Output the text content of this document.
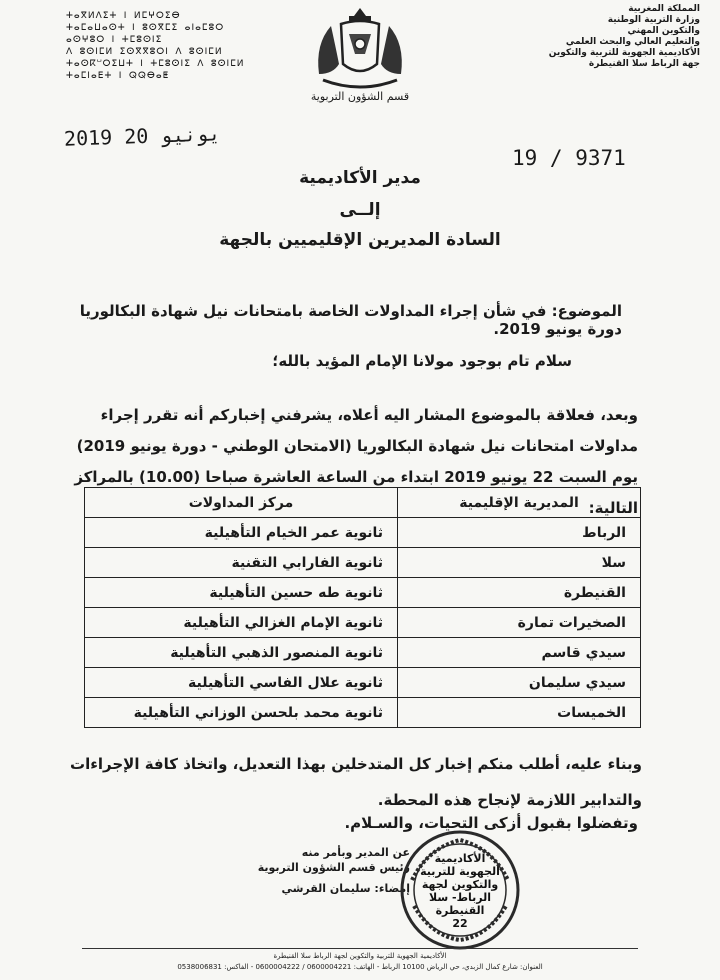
ⵜⴰⴳⵍⴷⵉⵜ ⵏ ⵍⵎⵖⵔⵉⴱ
ⵜⴰⵎⴰⵡⴰⵙⵜ ⵏ ⵓⵙⴳⵎⵉ ⴰⵏⴰⵎⵓⵔ
ⴰⵙⵖⵓⵔ ⵏ ⵜⵎⵓⵙⵏⵉ
ⴷ ⵓⵙⵏⵎⵍ ⵉⵙⴳⴳⵓⵔⵏ ⴷ ⵓⵙⵏⵎⵍ
ⵜⴰⵙⴽⵯⵔⵉⵡⵜ ⵏ ⵜⵎⵓⵙⵏⵉ ⴷ ⵓⵙⵏⵎⵍ
ⵜⴰⵎⵏⴰⴹⵜ ⵏ ⵕⵕⴱⴰⵟ
قسم الشؤون التربوية
المملكة المغربية
وزارة التربية الوطنية
والتكوين المهني
والتعليم العالي والبحث العلمي
الأكاديمية الجهوية للتربية والتكوين
جهة الرباط سلا القنيطرة
2019 يونيو 20
19 / 9371
مدير الأكاديمية
إلــى
السادة المديرين الإقليميين بالجهة
الموضوع: في شأن إجراء المداولات الخاصة بامتحانات نيل شهادة البكالوريا دورة يونيو 2019.
سلام تام بوجود مولانا الإمام المؤيد بالله؛
وبعد، فعلاقة بالموضوع المشار اليه أعلاه، يشرفني إخباركم أنه تقرر إجراء مداولات امتحانات نيل شهادة البكالوريا (الامتحان الوطني - دورة يونيو 2019) يوم السبت 22 يونيو 2019 ابتداء من الساعة العاشرة صباحا (10.00) بالمراكز التالية:
المديرية الإقليمية	مركز المداولات
الرباط	ثانوية عمر الخيام التأهيلية
سلا	ثانوية الفارابي التقنية
القنيطرة	ثانوية طه حسين التأهيلية
الصخيرات تمارة	ثانوية الإمام الغزالي التأهيلية
سيدي قاسم	ثانوية المنصور الذهبي التأهيلية
سيدي سليمان	ثانوية علال الفاسي التأهيلية
الخميسات	ثانوية محمد بلحسن الوزاني التأهيلية
وبناء عليه، أطلب منكم إخبار كل المتدخلين بهذا التعديل، واتخاذ كافة الإجراءات والتدابير اللازمة لإنجاح هذه المحطة.
وتفضلوا بقبول أزكى التحيات، والسـلام.
عن المدير وبأمر منه
رئيس قسم الشؤون التربوية
إمضاء: سليمان القرشي
الأكاديمية
الجهوية للتربية
والتكوين لجهة
الرباط- سلا
القنيطرة
22
الأكاديمية الجهوية للتربية والتكوين لجهة الرباط سلا القنيطرة
العنوان: شارع كمال الزبدي، حي الرياض 10100 الرباط - الهاتف: 0600004221 / 0600004222 - الفاكس: 0538006831
